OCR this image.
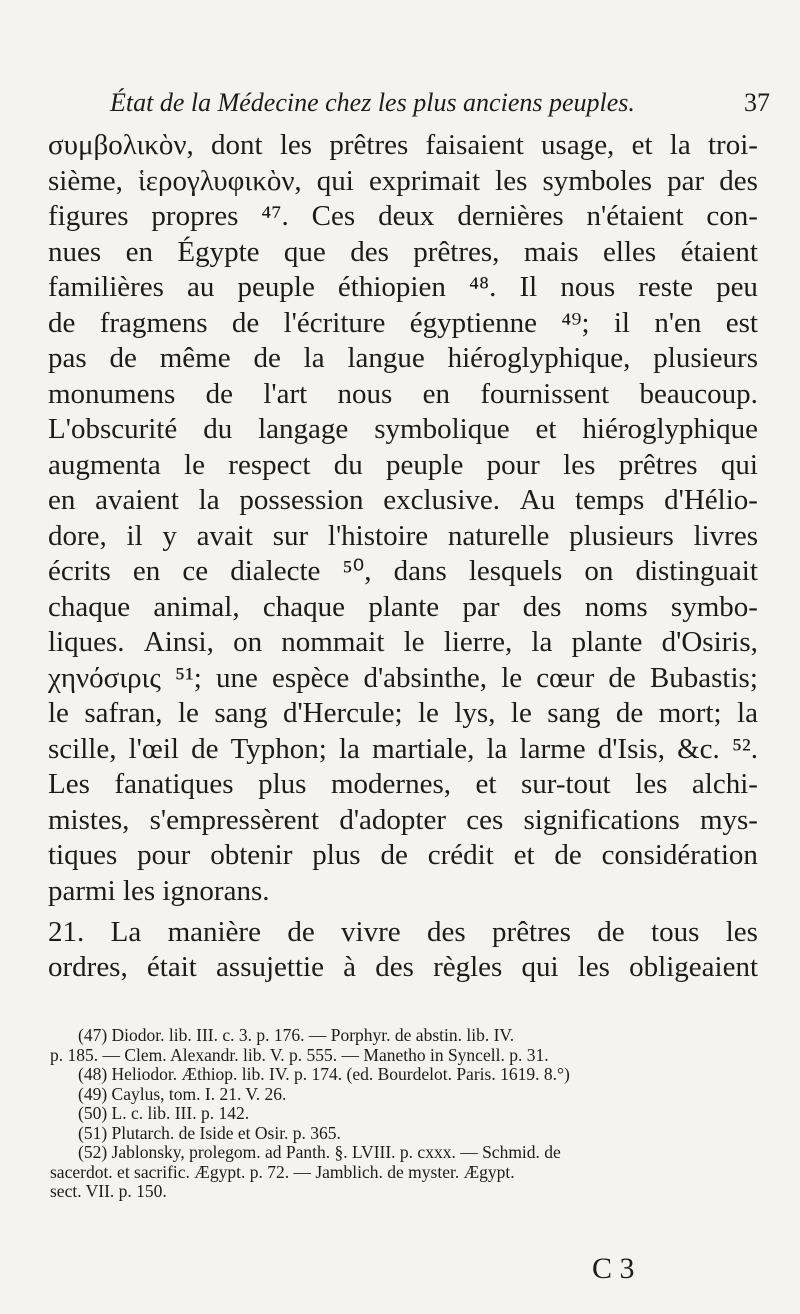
État de la Médecine chez les plus anciens peuples.	37
συμβολικὸν, dont les prêtres faisaient usage, et la troi-
sième, ἱερογλυφικὸν, qui exprimait les symboles par des
figures propres ⁴⁷. Ces deux dernières n'étaient con-
nues en Égypte que des prêtres, mais elles étaient
familières au peuple éthiopien ⁴⁸. Il nous reste peu
de fragmens de l'écriture égyptienne ⁴⁹; il n'en est
pas de même de la langue hiéroglyphique, plusieurs
monumens de l'art nous en fournissent beaucoup.
L'obscurité du langage symbolique et hiéroglyphique
augmenta le respect du peuple pour les prêtres qui
en avaient la possession exclusive. Au temps d'Hélio-
dore, il y avait sur l'histoire naturelle plusieurs livres
écrits en ce dialecte ⁵⁰, dans lesquels on distinguait
chaque animal, chaque plante par des noms symbo-
liques. Ainsi, on nommait le lierre, la plante d'Osiris,
χηνόσιρις ⁵¹; une espèce d'absinthe, le cœur de Bubastis;
le safran, le sang d'Hercule; le lys, le sang de mort; la
scille, l'œil de Typhon; la martiale, la larme d'Isis, &c. ⁵².
Les fanatiques plus modernes, et sur-tout les alchi-
mistes, s'empressèrent d'adopter ces significations mys-
tiques pour obtenir plus de crédit et de considération
parmi les ignorans.
21. La manière de vivre des prêtres de tous les
ordres, était assujettie à des règles qui les obligeaient
(47) Diodor. lib. III. c. 3. p. 176. — Porphyr. de abstin. lib. IV.
p. 185. — Clem. Alexandr. lib. V. p. 555. — Manetho in Syncell. p. 31.
(48) Heliodor. Æthiop. lib. IV. p. 174. (ed. Bourdelot. Paris. 1619. 8.°)
(49) Caylus, tom. I. 21. V. 26.
(50) L. c. lib. III. p. 142.
(51) Plutarch. de Iside et Osir. p. 365.
(52) Jablonsky, prolegom. ad Panth. §. LVIII. p. cxxx. — Schmid. de
sacerdot. et sacrific. Ægypt. p. 72. — Jamblich. de myster. Ægypt.
sect. VII. p. 150.
C 3
